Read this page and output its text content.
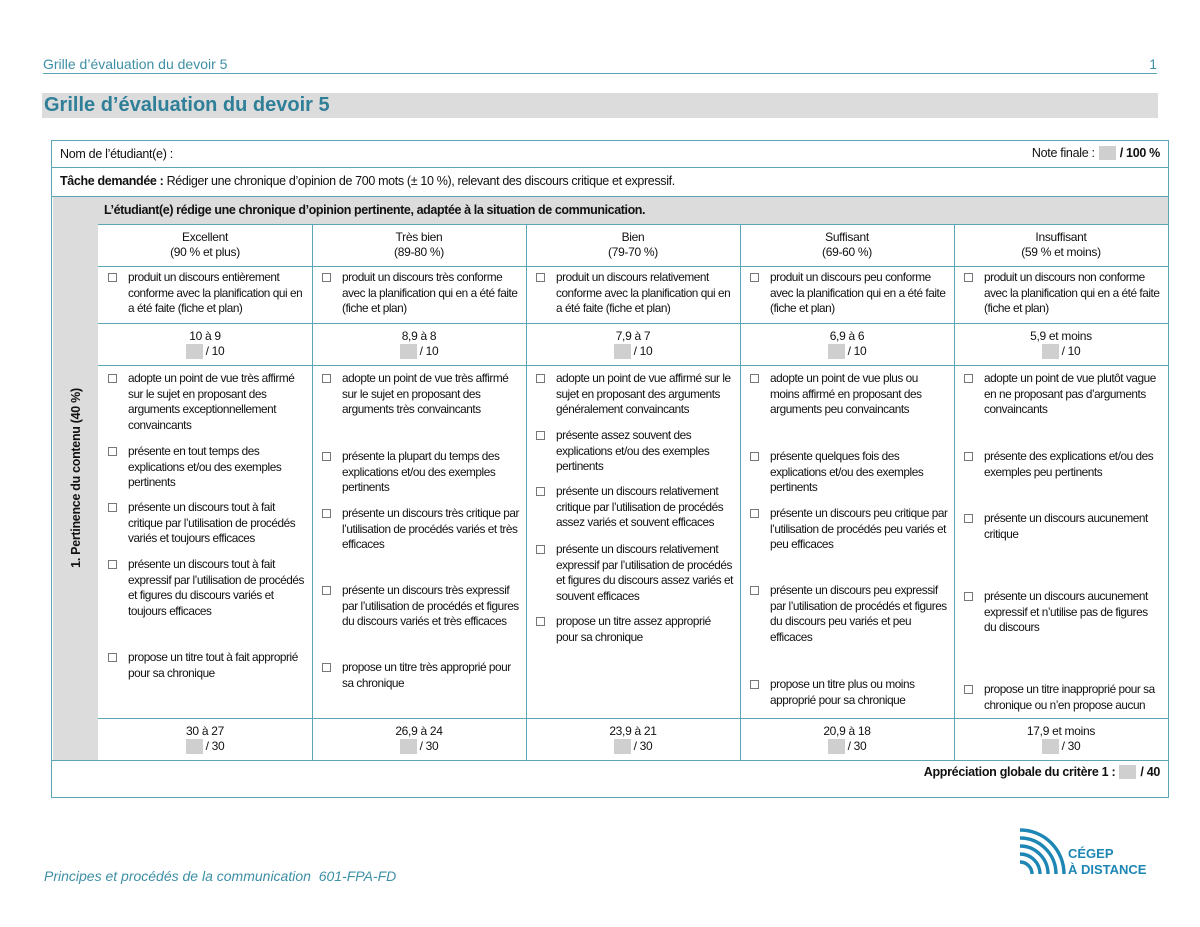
Grille d’évaluation du devoir 5	1
Grille d’évaluation du devoir 5
Nom de l’étudiant(e) :	Note finale : / 100 %
Tâche demandée : Rédiger une chronique d’opinion de 700 mots (± 10 %), relevant des discours critique et expressif.
1. Pertinence du contenu (40 %)
L’étudiant(e) rédige une chronique d’opinion pertinente, adaptée à la situation de communication.
Excellent
(90 % et plus)
Très bien
(89-80 %)
Bien
(79-70 %)
Suffisant
(69-60 %)
Insuffisant
(59 % et moins)
produit un discours entièrement conforme avec la planification qui en a été faite (fiche et plan)
produit un discours très conforme avec la planification qui en a été faite (fiche et plan)
produit un discours relativement conforme avec la planification qui en a été faite (fiche et plan)
produit un discours peu conforme avec la planification qui en a été faite (fiche et plan)
produit un discours non conforme avec la planification qui en a été faite (fiche et plan)
10 à 9
/ 10
8,9 à 8
/ 10
7,9 à 7
/ 10
6,9 à 6
/ 10
5,9 et moins
/ 10
adopte un point de vue très affirmé sur le sujet en proposant des arguments exceptionnellement convaincants
présente en tout temps des explications et/ou des exemples pertinents
présente un discours tout à fait critique par l’utilisation de procédés variés et toujours efficaces
présente un discours tout à fait expressif par l’utilisation de procédés et figures du discours variés et toujours efficaces
propose un titre tout à fait approprié pour sa chronique
adopte un point de vue très affirmé sur le sujet en proposant des arguments très convaincants
présente la plupart du temps des explications et/ou des exemples pertinents
présente un discours très critique par l’utilisation de procédés variés et très efficaces
présente un discours très expressif par l’utilisation de procédés et figures du discours variés et très efficaces
propose un titre très approprié pour sa chronique
adopte un point de vue affirmé sur le sujet en proposant des arguments généralement convaincants
présente assez souvent des explications et/ou des exemples pertinents
présente un discours relativement critique par l’utilisation de procédés assez variés et souvent efficaces
présente un discours relativement expressif par l’utilisation de procédés et figures du discours assez variés et souvent efficaces
propose un titre assez approprié pour sa chronique
adopte un point de vue plus ou moins affirmé en proposant des arguments peu convaincants
présente quelques fois des explications et/ou des exemples pertinents
présente un discours peu critique par l’utilisation de procédés peu variés et peu efficaces
présente un discours peu expressif par l’utilisation de procédés et figures du discours peu variés et peu efficaces
propose un titre plus ou moins approprié pour sa chronique
adopte un point de vue plutôt vague en ne proposant pas d’arguments convaincants
présente des explications et/ou des exemples peu pertinents
présente un discours aucunement critique
présente un discours aucunement expressif et n’utilise pas de figures du discours
propose un titre inapproprié pour sa chronique ou n’en propose aucun
30 à 27
/ 30
26,9 à 24
/ 30
23,9 à 21
/ 30
20,9 à 18
/ 30
17,9 et moins
/ 30
Appréciation globale du critère 1 : / 40
Principes et procédés de la communication 601-FPA-FD
CÉGEP
À DISTANCE
